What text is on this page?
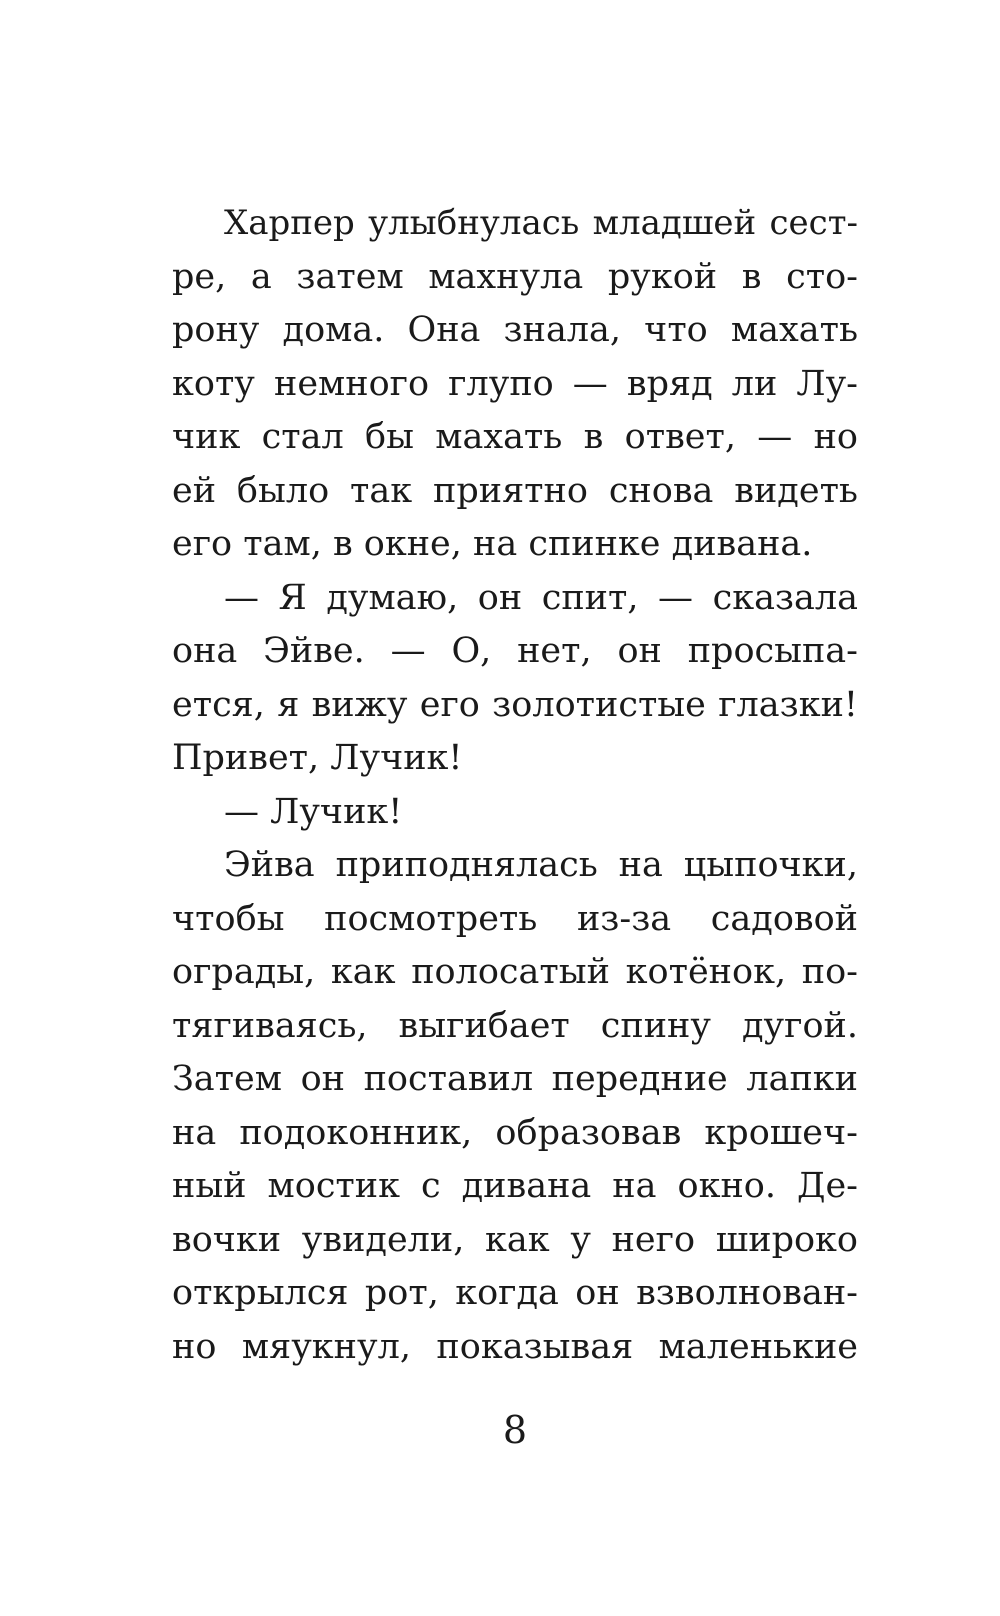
Харпер улыбнулась младшей сест-
ре, а затем махнула рукой в сто-
рону дома. Она знала, что махать
коту немного глупо — вряд ли Лу-
чик стал бы махать в ответ, — но
ей было так приятно снова видеть
его там, в окне, на спинке дивана.
— Я думаю, он спит, — сказала
она Эйве. — О, нет, он просыпа-
ется, я вижу его золотистые глазки!
Привет, Лучик!
— Лучик!
Эйва приподнялась на цыпочки,
чтобы посмотреть из-за садовой
ограды, как полосатый котёнок, по-
тягиваясь, выгибает спину дугой.
Затем он поставил передние лапки
на подоконник, образовав крошеч-
ный мостик с дивана на окно. Де-
вочки увидели, как у него широко
открылся рот, когда он взволнован-
но мяукнул, показывая маленькие
8
